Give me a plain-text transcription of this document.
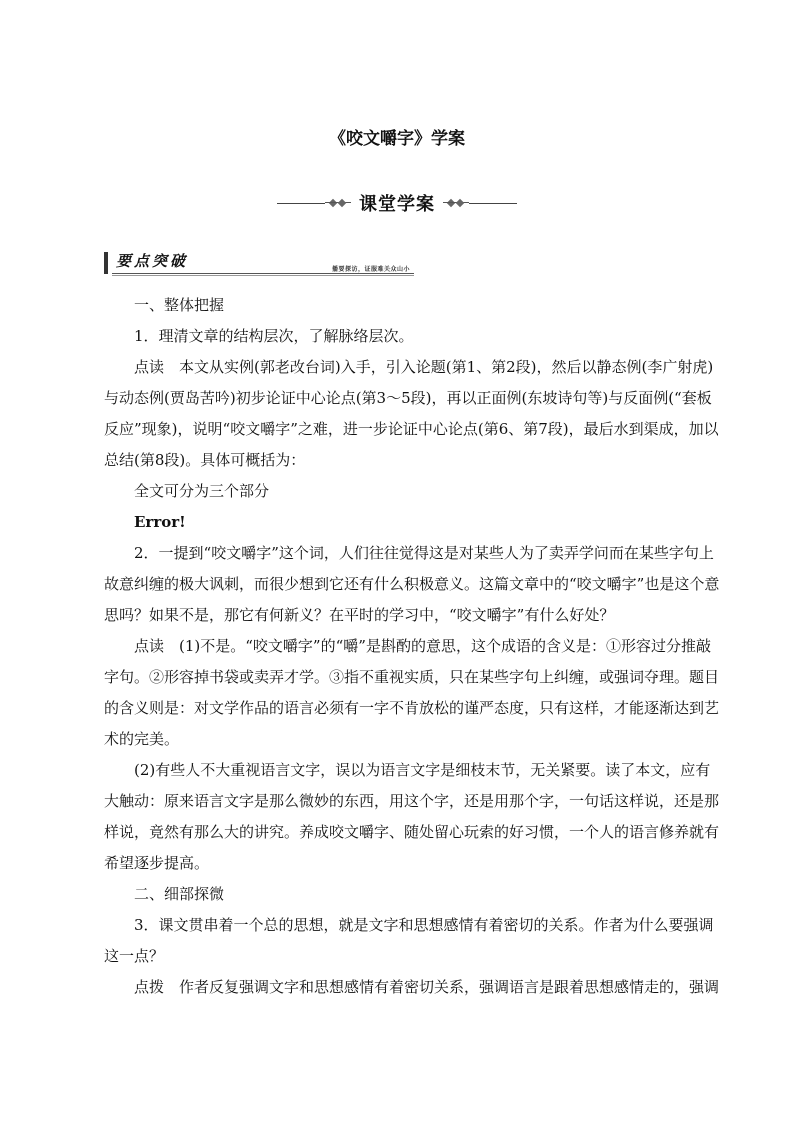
《咬文嚼字》学案
课堂学案
要点突破	播要探访，证服难关众山小

一、整体把握

1．理清文章的结构层次，了解脉络层次。

点读 本文从实例(郭老改台词)入手，引入论题(第1、第2段)，然后以静态例(李广射虎)与动态例(贾岛苦吟)初步论证中心论点(第3～5段)，再以正面例(东坡诗句等)与反面例(“套板反应”现象)，说明“咬文嚼字”之难，进一步论证中心论点(第6、第7段)，最后水到渠成，加以总结(第8段)。具体可概括为：

全文可分为三个部分

Error!

2．一提到“咬文嚼字”这个词，人们往往觉得这是对某些人为了卖弄学问而在某些字句上故意纠缠的极大讽刺，而很少想到它还有什么积极意义。这篇文章中的“咬文嚼字”也是这个意思吗？如果不是，那它有何新义？在平时的学习中，“咬文嚼字”有什么好处？

点读 (1)不是。“咬文嚼字”的“嚼”是斟酌的意思，这个成语的含义是：①形容过分推敲字句。②形容掉书袋或卖弄才学。③指不重视实质，只在某些字句上纠缠，或强词夺理。题目的含义则是：对文学作品的语言必须有一字不肯放松的谨严态度，只有这样，才能逐渐达到艺术的完美。

(2)有些人不大重视语言文字，误以为语言文字是细枝末节，无关紧要。读了本文，应有大触动：原来语言文字是那么微妙的东西，用这个字，还是用那个字，一句话这样说，还是那样说，竟然有那么大的讲究。养成咬文嚼字、随处留心玩索的好习惯，一个人的语言修养就有希望逐步提高。

二、细部探微

3．课文贯串着一个总的思想，就是文字和思想感情有着密切的关系。作者为什么要强调这一点？

点拨 作者反复强调文字和思想感情有着密切关系，强调语言是跟着思想感情走的，强调
